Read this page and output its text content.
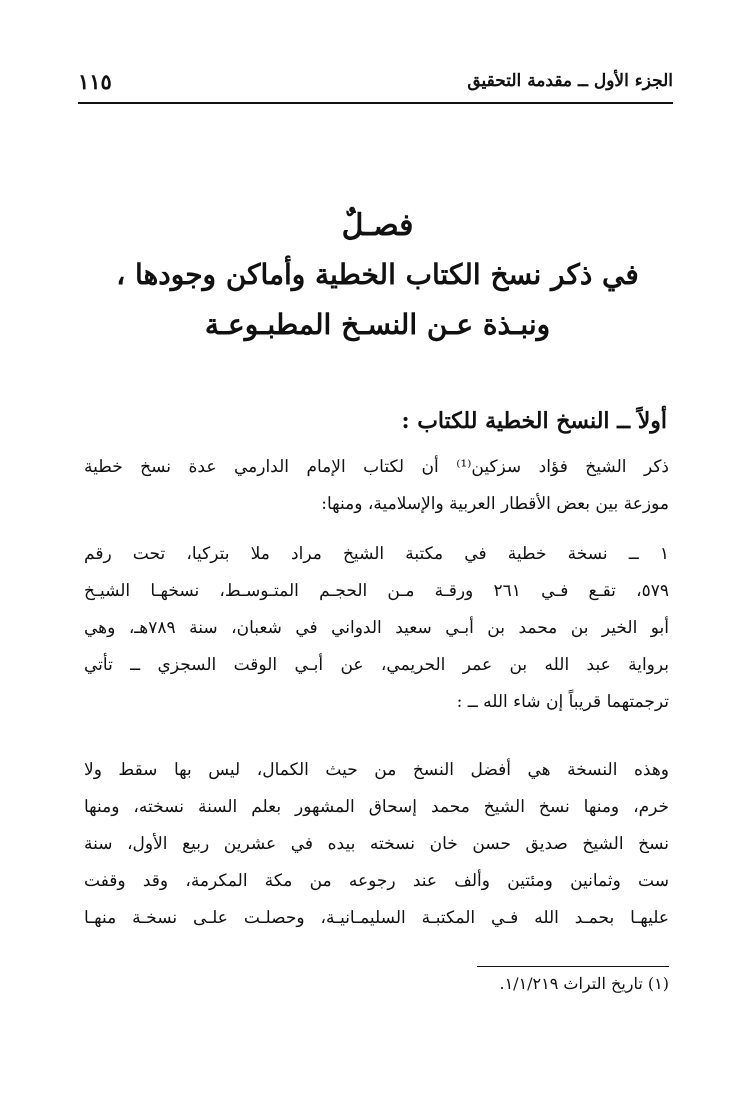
الجزء الأول ــ مقدمة التحقيق
١١٥
فصـلٌ
في ذكر نسخ الكتاب الخطية وأماكن وجودها ،
ونبـذة عـن النسـخ المطبـوعـة
أولاً ــ النسخ الخطية للكتاب :
ذكر الشيخ فؤاد سزكين⁽¹⁾ أن لكتاب الإمام الدارمي عدة نسخ خطية
موزعة بين بعض الأقطار العربية والإسلامية، ومنها:
١ ــ نسخة خطية في مكتبة الشيخ مراد ملا بتركيا، تحت رقم
٥٧٩، تقـع فـي ٢٦١ ورقـة مـن الحجـم المتـوسـط، نسخهـا الشيـخ
أبو الخير بن محمد بن أبـي سعيد الدواني في شعبان، سنة ٧٨٩هـ، وهي
برواية عبد الله بن عمر الحريمي، عن أبـي الوقت السجزي ــ تأتي
ترجمتهما قريباً إن شاء الله ــ :
وهذه النسخة هي أفضل النسخ من حيث الكمال، ليس بها سقط ولا
خرم، ومنها نسخ الشيخ محمد إسحاق المشهور بعلم السنة نسخته، ومنها
نسخ الشيخ صديق حسن خان نسخته بيده في عشرين ربيع الأول، سنة
ست وثمانين ومئتين وألف عند رجوعه من مكة المكرمة، وقد وقفت
عليهـا بحمـد الله فـي المكتبـة السليمـانيـة، وحصلـت علـى نسخـة منهـا
(١) تاريخ التراث ١/١/٢١٩.
